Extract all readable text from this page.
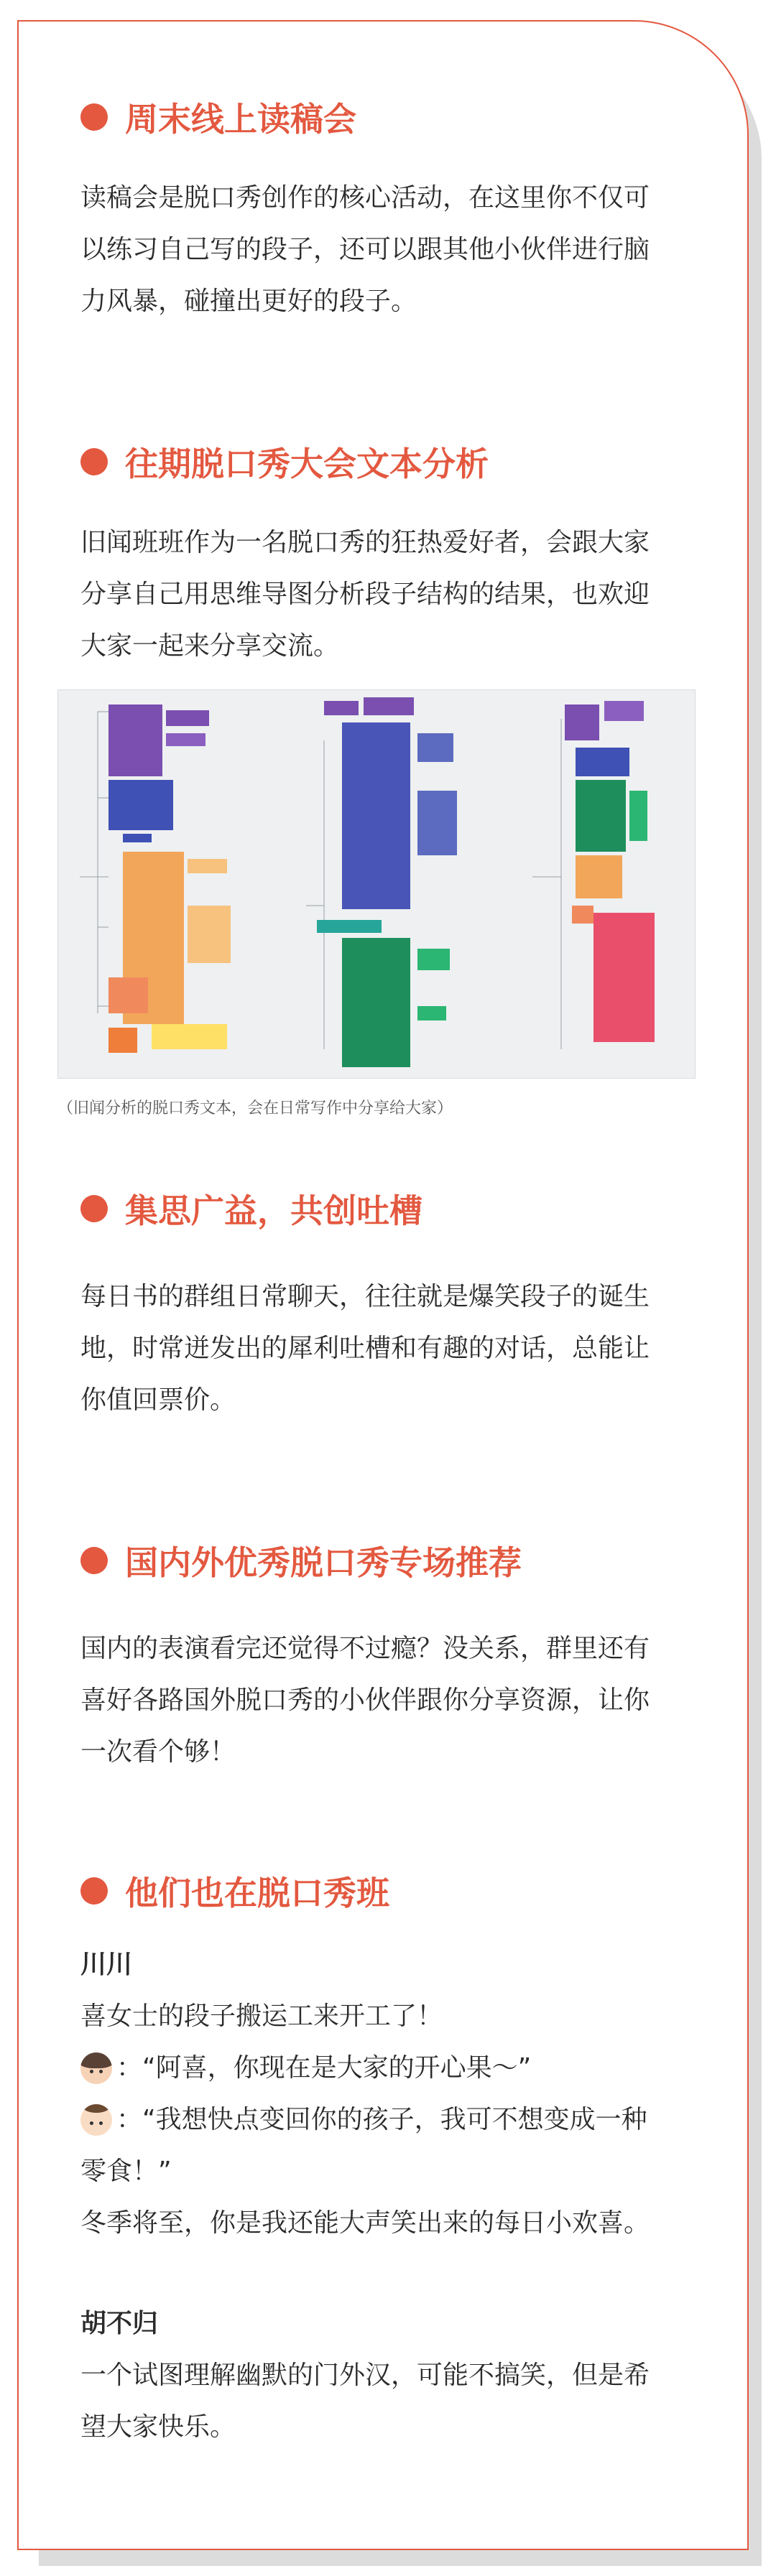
周末线上读稿会
读稿会是脱口秀创作的核心活动，在这里你不仅可
以练习自己写的段子，还可以跟其他小伙伴进行脑
力风暴，碰撞出更好的段子。
往期脱口秀大会文本分析
旧闻班班作为一名脱口秀的狂热爱好者，会跟大家
分享自己用思维导图分析段子结构的结果，也欢迎
大家一起来分享交流。
（旧闻分析的脱口秀文本，会在日常写作中分享给大家）
集思广益，共创吐槽
每日书的群组日常聊天，往往就是爆笑段子的诞生
地，时常迸发出的犀利吐槽和有趣的对话，总能让
你值回票价。
国内外优秀脱口秀专场推荐
国内的表演看完还觉得不过瘾？没关系，群里还有
喜好各路国外脱口秀的小伙伴跟你分享资源，让你
一次看个够！
他们也在脱口秀班
川川
喜女士的段子搬运工来开工了！
：“阿喜，你现在是大家的开心果～”
：“我想快点变回你的孩子，我可不想变成一种
零食！”
冬季将至，你是我还能大声笑出来的每日小欢喜。
胡不归
一个试图理解幽默的门外汉，可能不搞笑，但是希
望大家快乐。
